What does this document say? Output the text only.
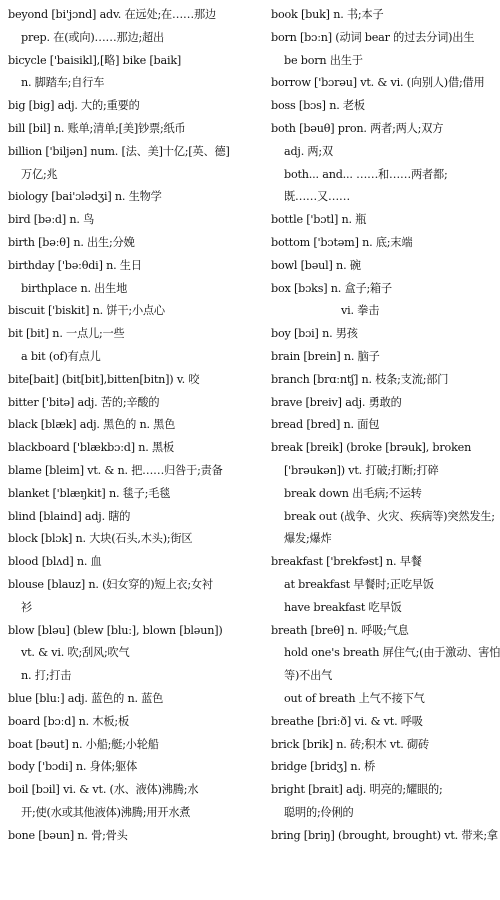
beyond [bi'jɔnd] adv. 在远处;在……那边
prep. 在(或向)……那边;超出
bicycle ['baisikl],[略] bike [baik]
n. 脚踏车;自行车
big [big] adj. 大的;重要的
bill [bil] n. 账单;清单;[美]钞票;纸币
billion ['biljən] num. [法、美]十亿;[英、德]
万亿;兆
biology [bai'ɔlədʒi] n. 生物学
bird [bəːd] n. 鸟
birth [bəːθ] n. 出生;分娩
birthday ['bəːθdi] n. 生日
birthplace n. 出生地
biscuit ['biskit] n. 饼干;小点心
bit [bit] n. 一点儿;一些
a bit (of)有点儿
bite[bait] (bit[bit],bitten[bitn]) v. 咬
bitter ['bitə] adj. 苦的;辛酸的
black [blæk] adj. 黑色的 n. 黑色
blackboard ['blækbɔːd] n. 黑板
blame [bleim] vt. & n. 把……归咎于;责备
blanket ['blæŋkit] n. 毯子;毛毯
blind [blaind] adj. 瞎的
block [blɔk] n. 大块(石头,木头);街区
blood [blʌd] n. 血
blouse [blauz] n. (妇女穿的)短上衣;女衬
衫
blow [bləu] (blew [bluː], blown [bləun])
vt. & vi. 吹;刮风;吹气
n. 打;打击
blue [bluː] adj. 蓝色的 n. 蓝色
board [bɔːd] n. 木板;板
boat [bəut] n. 小船;艇;小轮船
body ['bɔdi] n. 身体;躯体
boil [bɔil] vi. & vt. (水、液体)沸腾;水
开;使(水或其他液体)沸腾;用开水煮
bone [bəun] n. 骨;骨头
book [buk] n. 书;本子
born [bɔːn] (动词 bear 的过去分词)出生
be born 出生于
borrow ['bɔrəu] vt. & vi. (向别人)借;借用
boss [bɔs] n. 老板
both [bəuθ] pron. 两者;两人;双方
adj. 两;双
both... and... ……和……两者都;
既……又……
bottle ['bɔtl] n. 瓶
bottom ['bɔtəm] n. 底;末端
bowl [bəul] n. 碗
box [bɔks] n. 盒子;箱子
vi. 拳击
boy [bɔi] n. 男孩
brain [brein] n. 脑子
branch [brɑːntʃ] n. 枝条;支流;部门
brave [breiv] adj. 勇敢的
bread [bred] n. 面包
break [breik] (broke [brəuk], broken
['brəukən]) vt. 打破;打断;打碎
break down 出毛病;不运转
break out (战争、火灾、疾病等)突然发生;
爆发;爆炸
breakfast ['brekfəst] n. 早餐
at breakfast 早餐时;正吃早饭
have breakfast 吃早饭
breath [breθ] n. 呼吸;气息
hold one's breath 屏住气;(由于激动、害怕
等)不出气
out of breath 上气不接下气
breathe [briːð] vi. & vt. 呼吸
brick [brik] n. 砖;积木 vt. 砌砖
bridge [bridʒ] n. 桥
bright [brait] adj. 明亮的;耀眼的;
聪明的;伶俐的
bring [briŋ] (brought, brought) vt. 带来;拿
